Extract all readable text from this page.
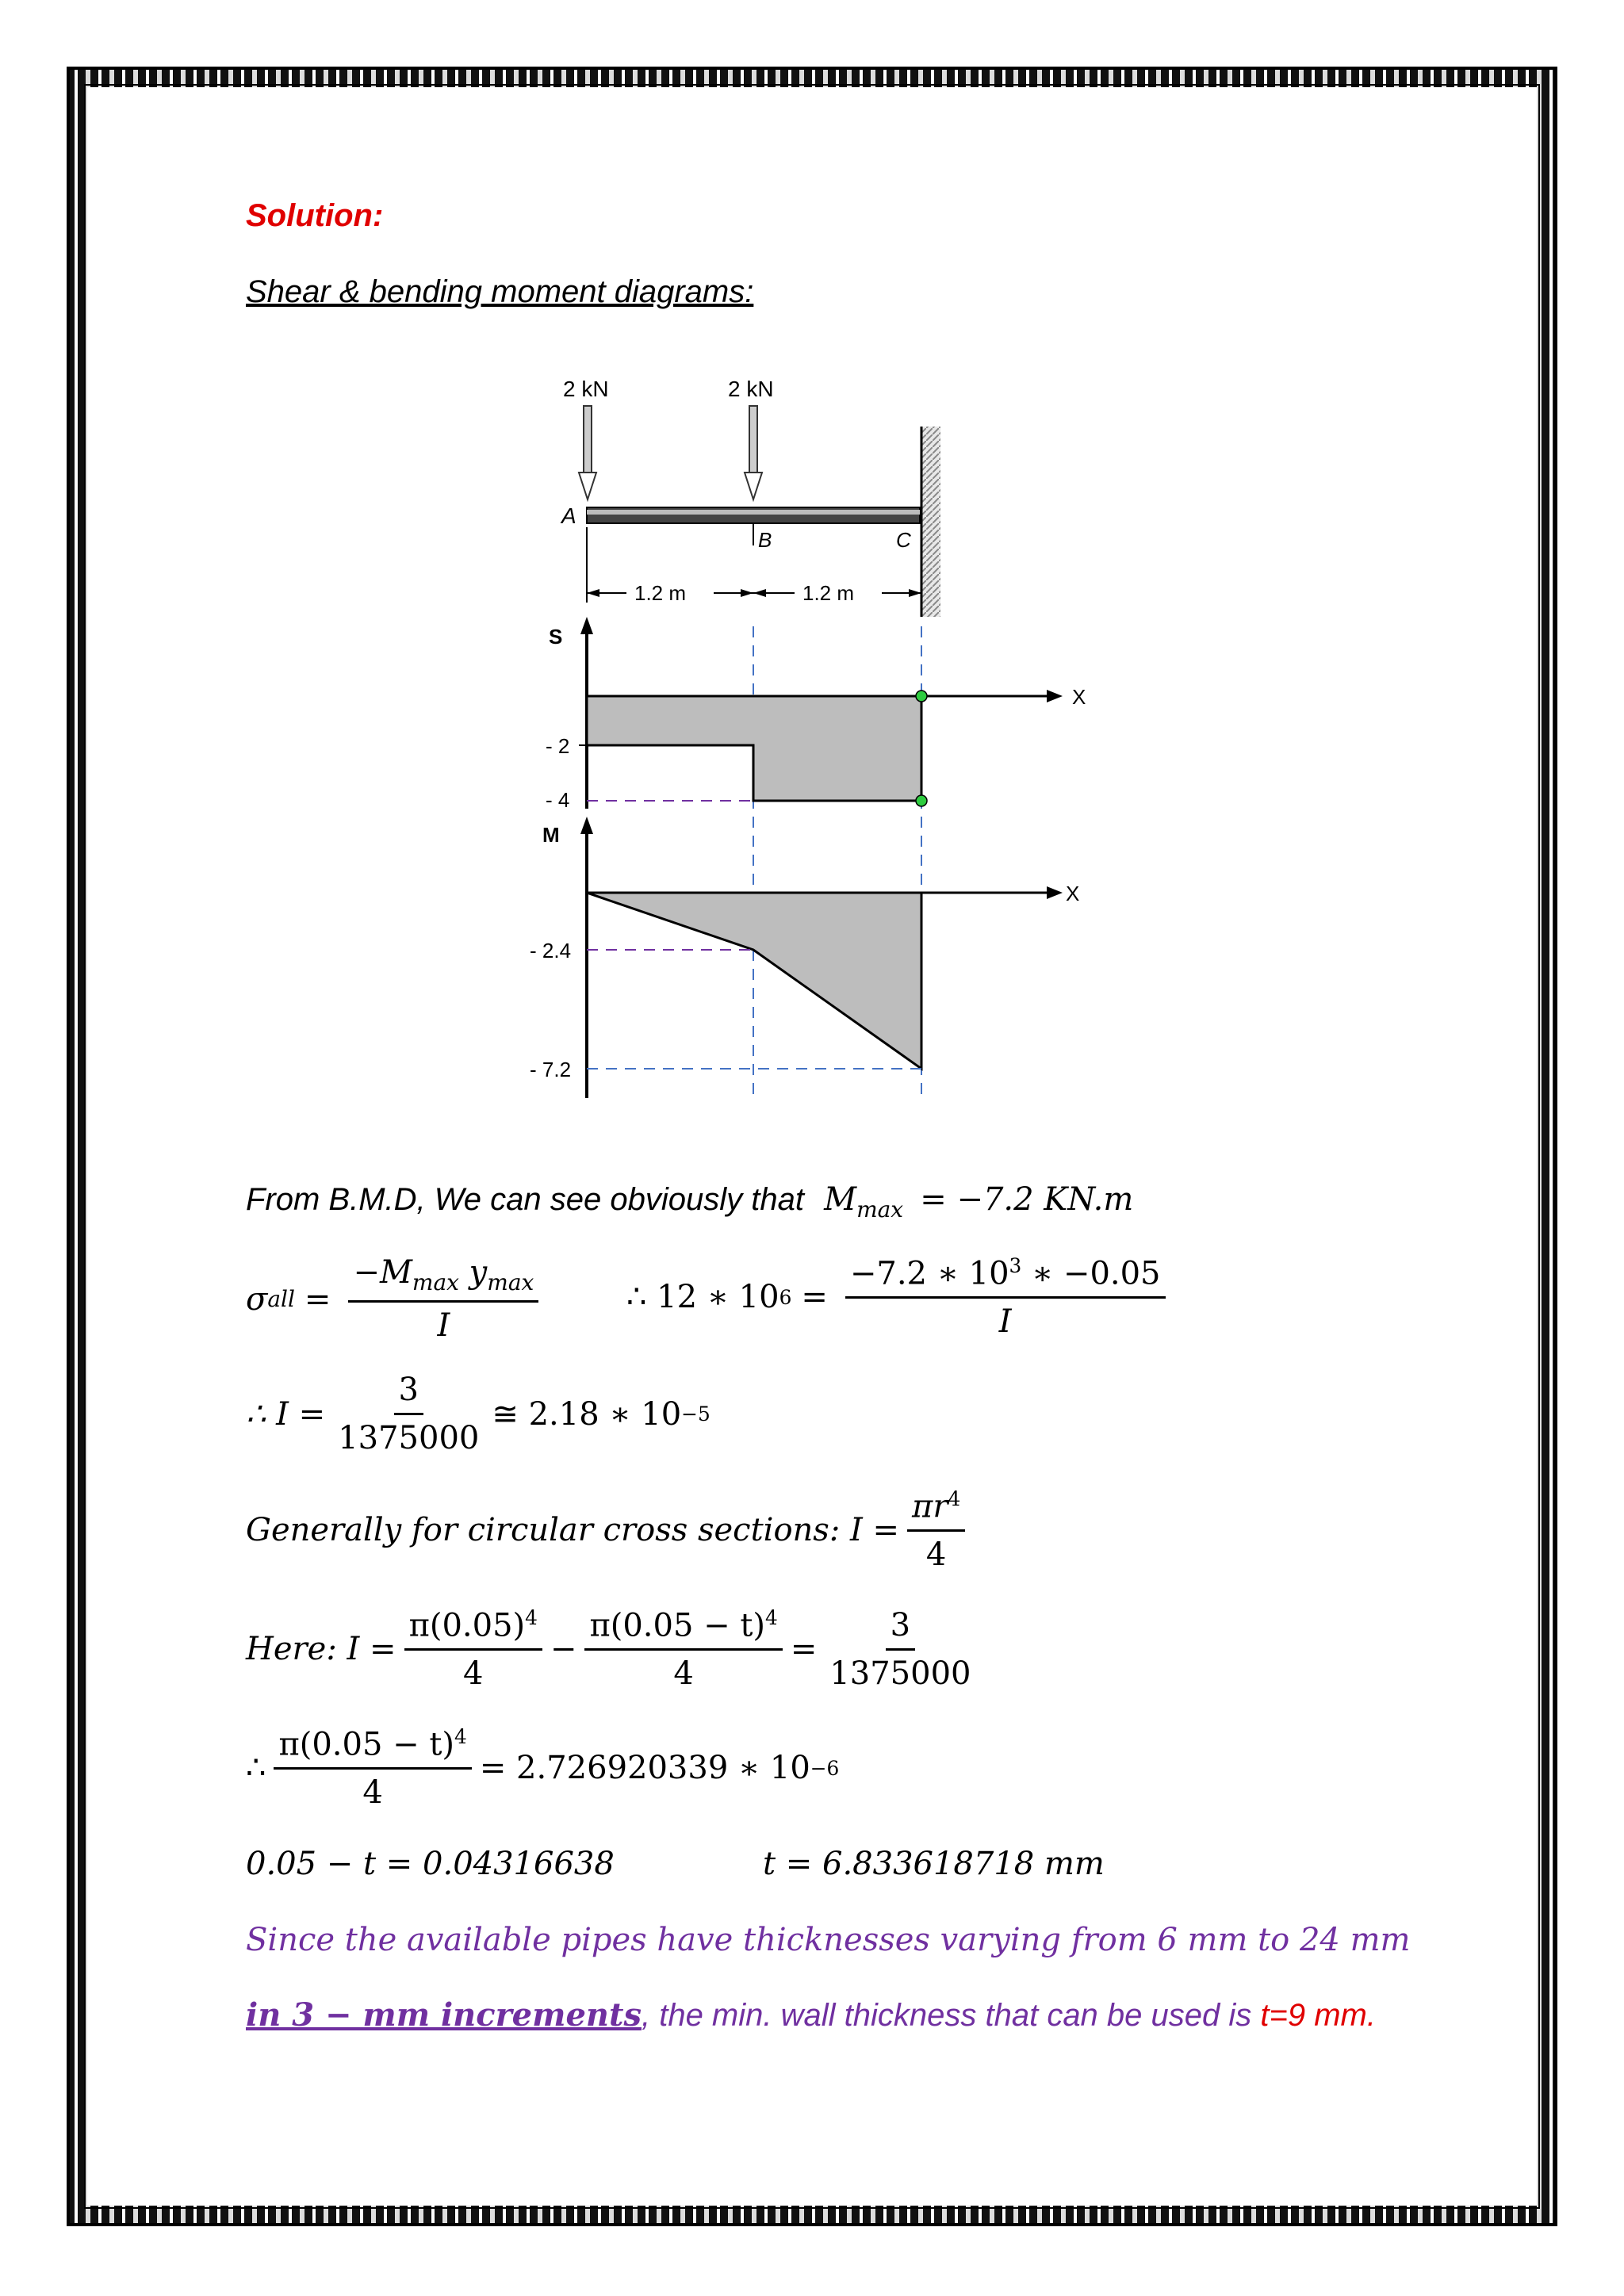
Solution:
Shear & bending moment diagrams:
2 kN	2 kN
A
B	C
1.2 m	1.2 m
S
X
- 2
- 4
M
X
- 2.4
- 7.2
From B.M.D, We can see obviously that $M_{max} = -7.2$ KN.m
σ all = $\frac{-M_{max} y_{max}}{I}$	∴ 12 ∗ 10 $6 = \frac{-7.2 ∗ 10^3 ∗ -0.05}{I}$
∴ $I = \frac{3}{1375000}$ ≅ 2.18 ∗ 10 −5
Generally for circular cross sections: $I = \frac{\pi r^4}{4}$
Here: $I = \frac{\pi(0.05)^4}{4} - \frac{\pi(0.05 - t)^4}{4} = \frac{3}{1375000}$
∴ $\frac{\pi(0.05 - t)^4}{4} = 2.726920339$ ∗ 10 −6
0.05 − t = 0.04316638	t = 6.833618718 mm
Since the available pipes have thicknesses varying from 6 mm to 24 mm
in 3 − mm increments, the min. wall thickness that can be used is t=9 mm.
